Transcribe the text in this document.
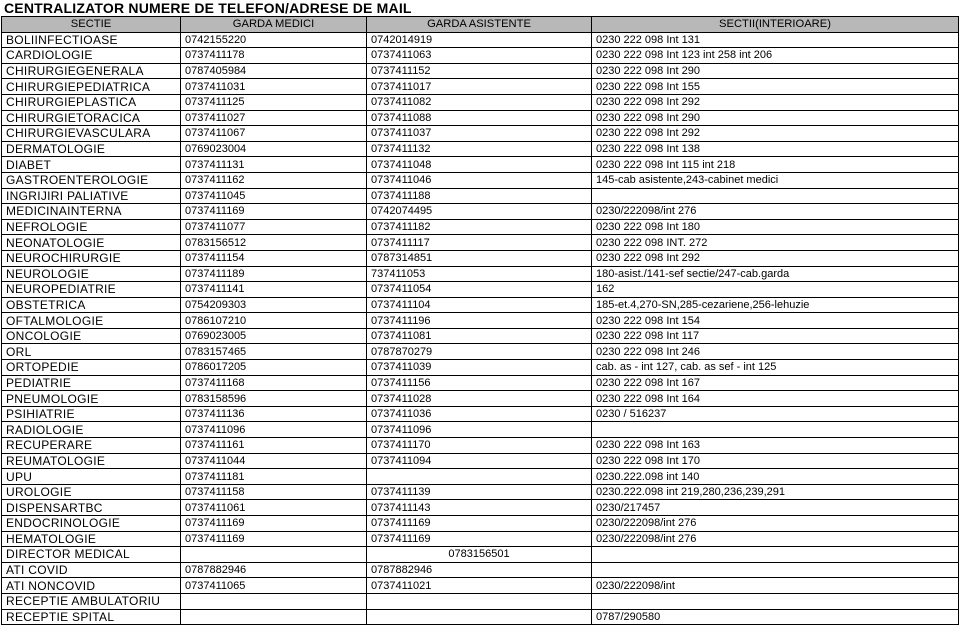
CENTRALIZATOR NUMERE DE TELEFON/ADRESE DE MAIL
SECTIE	GARDA MEDICI	GARDA ASISTENTE	SECTII(INTERIOARE)
BOLIINFECTIOASE	0742155220	0742014919	0230 222 098 Int 131
CARDIOLOGIE	0737411178	0737411063	0230 222 098 Int 123 int 258 int 206
CHIRURGIEGENERALA	0787405984	0737411152	0230 222 098 Int 290
CHIRURGIEPEDIATRICA	0737411031	0737411017	0230 222 098 Int 155
CHIRURGIEPLASTICA	0737411125	0737411082	0230 222 098 Int 292
CHIRURGIETORACICA	0737411027	0737411088	0230 222 098 Int 290
CHIRURGIEVASCULARA	0737411067	0737411037	0230 222 098 Int 292
DERMATOLOGIE	0769023004	0737411132	0230 222 098 Int 138
DIABET	0737411131	0737411048	0230 222 098 Int 115 int 218
GASTROENTEROLOGIE	0737411162	0737411046	145-cab asistente,243-cabinet medici
INGRIJIRI PALIATIVE	0737411045	0737411188	
MEDICINAINTERNA	0737411169	0742074495	0230/222098/int 276
NEFROLOGIE	0737411077	0737411182	0230 222 098 Int 180
NEONATOLOGIE	0783156512	0737411117	0230 222 098 INT. 272
NEUROCHIRURGIE	0737411154	0787314851	0230 222 098 Int 292
NEUROLOGIE	0737411189	737411053	180-asist./141-sef sectie/247-cab.garda
NEUROPEDIATRIE	0737411141	0737411054	162
OBSTETRICA	0754209303	0737411104	185-et.4,270-SN,285-cezariene,256-lehuzie
OFTALMOLOGIE	0786107210	0737411196	0230 222 098 Int 154
ONCOLOGIE	0769023005	0737411081	0230 222 098 Int 117
ORL	0783157465	0787870279	0230 222 098 Int 246
ORTOPEDIE	0786017205	0737411039	cab. as - int 127, cab. as sef - int 125
PEDIATRIE	0737411168	0737411156	0230 222 098 Int 167
PNEUMOLOGIE	0783158596	0737411028	0230 222 098 Int 164
PSIHIATRIE	0737411136	0737411036	0230 / 516237
RADIOLOGIE	0737411096	0737411096	
RECUPERARE	0737411161	0737411170	0230 222 098 Int 163
REUMATOLOGIE	0737411044	0737411094	0230 222 098 Int 170
UPU	0737411181		0230.222.098 int 140
UROLOGIE	0737411158	0737411139	0230.222.098 int 219,280,236,239,291
DISPENSARTBC	0737411061	0737411143	0230/217457
ENDOCRINOLOGIE	0737411169	0737411169	0230/222098/int 276
HEMATOLOGIE	0737411169	0737411169	0230/222098/int 276
DIRECTOR MEDICAL		0783156501	
ATI COVID	0787882946	0787882946	
ATI NONCOVID	0737411065	0737411021	0230/222098/int
RECEPTIE AMBULATORIU			
RECEPTIE SPITAL			0787/290580
